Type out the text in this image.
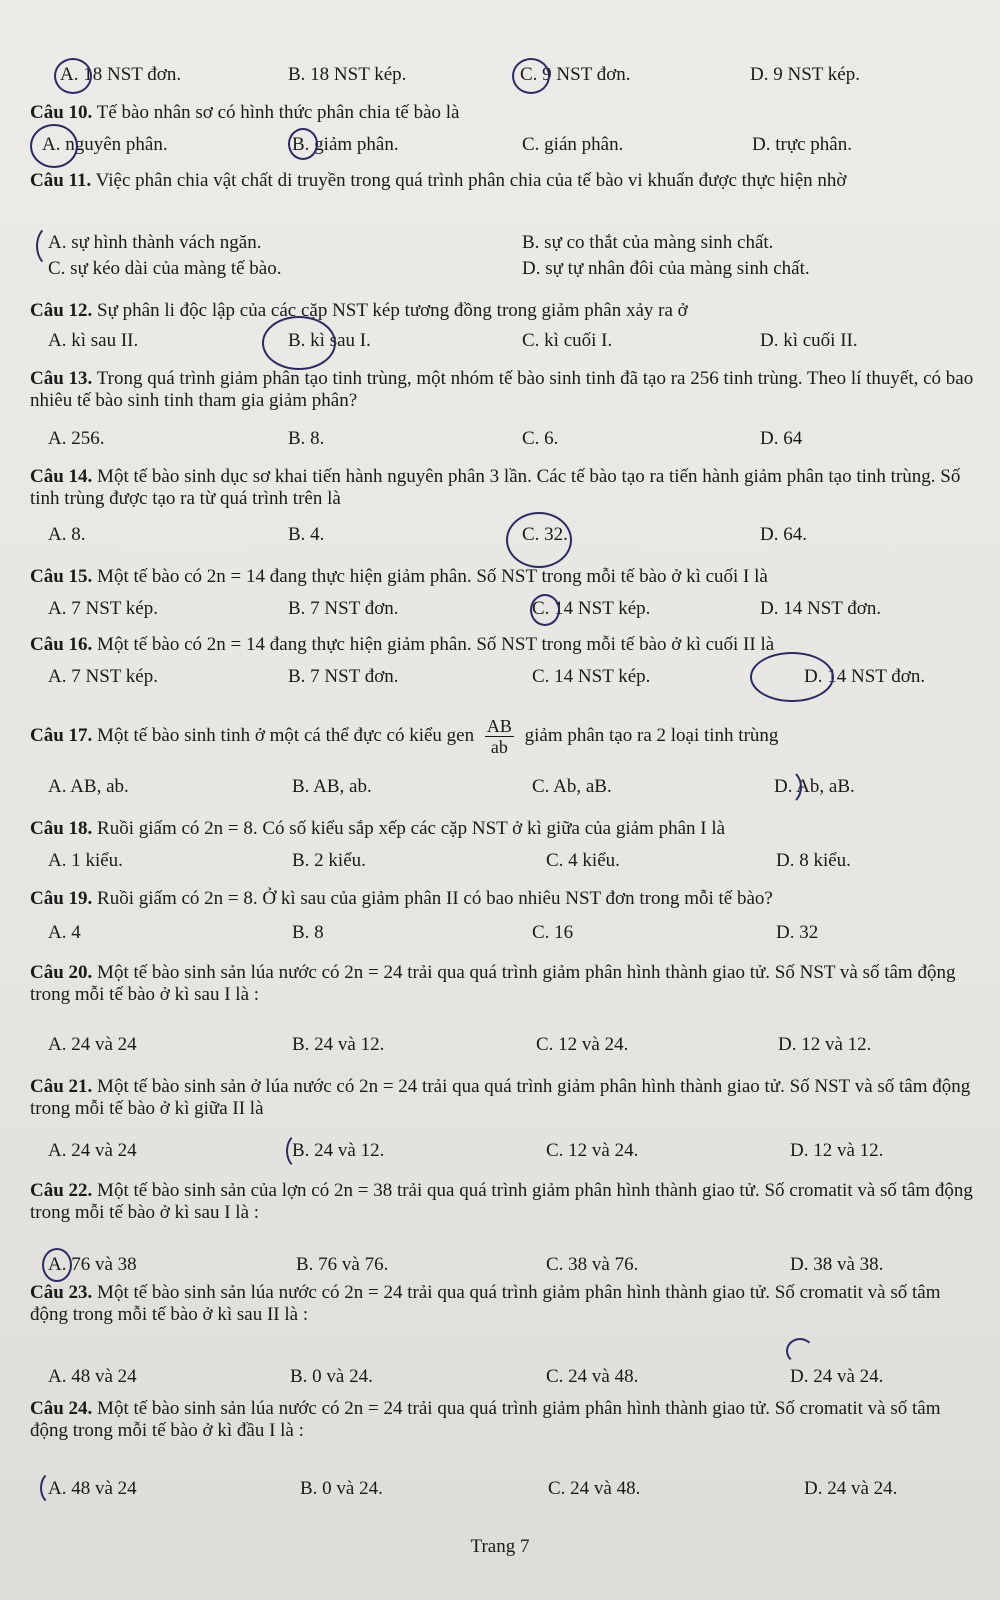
A. 18 NST đơn.	B. 18 NST kép.	C. 9 NST đơn.	D. 9 NST kép.
Câu 10. Tế bào nhân sơ có hình thức phân chia tế bào là
A. nguyên phân.	B. giảm phân.	C. gián phân.	D. trực phân.
Câu 11. Việc phân chia vật chất di truyền trong quá trình phân chia của tế bào vi khuẩn được thực hiện nhờ
A. sự hình thành vách ngăn.	B. sự co thắt của màng sinh chất.
C. sự kéo dài của màng tế bào.	D. sự tự nhân đôi của màng sinh chất.
Câu 12. Sự phân li độc lập của các cặp NST kép tương đồng trong giảm phân xảy ra ở
A. kì sau II.	B. kì sau I.	C. kì cuối I.	D. kì cuối II.
Câu 13. Trong quá trình giảm phân tạo tinh trùng, một nhóm tế bào sinh tinh đã tạo ra 256 tinh trùng. Theo lí thuyết, có bao nhiêu tế bào sinh tinh tham gia giảm phân?
A. 256.	B. 8.	C. 6.	D. 64
Câu 14. Một tế bào sinh dục sơ khai tiến hành nguyên phân 3 lần. Các tế bào tạo ra tiến hành giảm phân tạo tinh trùng. Số tinh trùng được tạo ra từ quá trình trên là
A. 8.	B. 4.	C. 32.	D. 64.
Câu 15. Một tế bào có 2n = 14 đang thực hiện giảm phân. Số NST trong mỗi tế bào ở kì cuối I là
A. 7 NST kép.	B. 7 NST đơn.	C. 14 NST kép.	D. 14 NST đơn.
Câu 16. Một tế bào có 2n = 14 đang thực hiện giảm phân. Số NST trong mỗi tế bào ở kì cuối II là
A. 7 NST kép.	B. 7 NST đơn.	C. 14 NST kép.	D. 14 NST đơn.
Câu 17. Một tế bào sinh tinh ở một cá thể đực có kiểu gen $\frac{AB}{ab}$ giảm phân tạo ra 2 loại tinh trùng
A. AB, ab.	B. AB, ab.	C. Ab, aB.	D. Ab, aB.
Câu 18. Ruồi giấm có 2n = 8. Có số kiểu sắp xếp các cặp NST ở kì giữa của giảm phân I là
A. 1 kiểu.	B. 2 kiểu.	C. 4 kiểu.	D. 8 kiểu.
Câu 19. Ruồi giấm có 2n = 8. Ở kì sau của giảm phân II có bao nhiêu NST đơn trong mỗi tế bào?
A. 4	B. 8	C. 16	D. 32
Câu 20. Một tế bào sinh sản lúa nước có 2n = 24 trải qua quá trình giảm phân hình thành giao tử. Số NST và số tâm động trong mỗi tế bào ở kì sau I là :
A. 24 và 24	B. 24 và 12.	C. 12 và 24.	D. 12 và 12.
Câu 21. Một tế bào sinh sản ở lúa nước có 2n = 24 trải qua quá trình giảm phân hình thành giao tử. Số NST và số tâm động trong mỗi tế bào ở kì giữa II là
A. 24 và 24	B. 24 và 12.	C. 12 và 24.	D. 12 và 12.
Câu 22. Một tế bào sinh sản của lợn có 2n = 38 trải qua quá trình giảm phân hình thành giao tử. Số cromatit và số tâm động trong mỗi tế bào ở kì sau I là :
A. 76 và 38	B. 76 và 76.	C. 38 và 76.	D. 38 và 38.
Câu 23. Một tế bào sinh sản lúa nước có 2n = 24 trải qua quá trình giảm phân hình thành giao tử. Số cromatit và số tâm động trong mỗi tế bào ở kì sau II là :
A. 48 và 24	B. 0 và 24.	C. 24 và 48.	D. 24 và 24.
Câu 24. Một tế bào sinh sản lúa nước có 2n = 24 trải qua quá trình giảm phân hình thành giao tử. Số cromatit và số tâm động trong mỗi tế bào ở kì đầu I là :
A. 48 và 24	B. 0 và 24.	C. 24 và 48.	D. 24 và 24.
Trang 7
